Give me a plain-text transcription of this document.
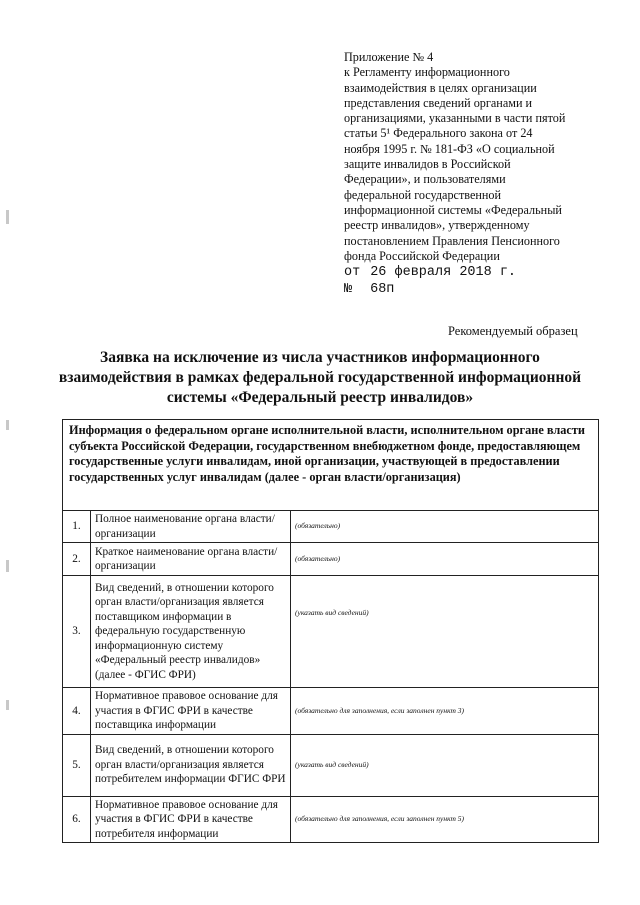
Приложение № 4

к Регламенту информационного

взаимодействия в целях организации

представления сведений органами и

организациями, указанными в части пятой

статьи 5¹ Федерального закона от 24

ноября 1995 г. № 181-ФЗ «О социальной

защите инвалидов в Российской

Федерации», и пользователями

федеральной государственной

информационной системы «Федеральный

реестр инвалидов», утвержденному

постановлением Правления Пенсионного

фонда Российской Федерации

от 26 февраля 2018 г.

№ 68п

Рекомендуемый образец
Заявка на исключение из числа участников информационного
взаимодействия в рамках федеральной государственной информационной
системы «Федеральный реестр инвалидов»
Информация о федеральном органе исполнительной власти, исполнительном органе власти субъекта Российской Федерации, государственном внебюджетном фонде, предоставляющем государственные услуги инвалидам, иной организации, участвующей в предоставлении государственных услуг инвалидам (далее - орган власти/организация)		
1.	Полное наименование органа власти/организации	(обязательно)
2.	Краткое наименование органа власти/организации	(обязательно)
3.	Вид сведений, в отношении которого орган власти/организация является поставщиком информации в федеральную государственную информационную систему «Федеральный реестр инвалидов» (далее - ФГИС ФРИ)	(указать вид сведений)
4.	Нормативное правовое основание для участия в ФГИС ФРИ в качестве поставщика информации	(обязательно для заполнения, если заполнен пункт 3)
5.	Вид сведений, в отношении которого орган власти/организация является потребителем информации ФГИС ФРИ	(указать вид сведений)
6.	Нормативное правовое основание для участия в ФГИС ФРИ в качестве потребителя информации	(обязательно для заполнения, если заполнен пункт 5)
